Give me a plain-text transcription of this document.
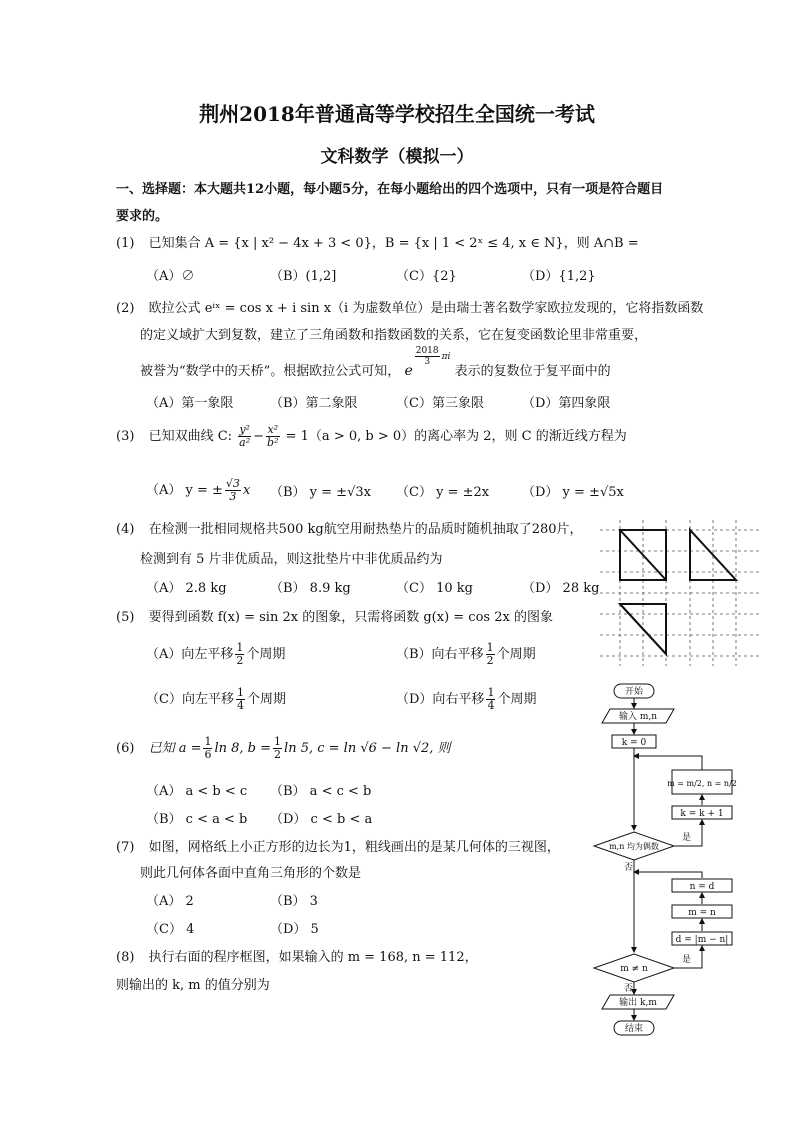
荆州2018年普通高等学校招生全国统一考试
文科数学（模拟一）
一、选择题：本大题共12小题，每小题5分，在每小题给出的四个选项中，只有一项是符合题目要求的。
(1) 已知集合 A = {x | x² − 4x + 3 < 0}，B = {x | 1 < 2ˣ ≤ 4, x ∈ N}，则 A∩B =
（A）∅	（B）(1,2]	（C）{2}	（D）{1,2}
(2) 欧拉公式 eⁱˣ = cos x + i sin x（i 为虚数单位）是由瑞士著名数学家欧拉发现的，它将指数函数
的定义域扩大到复数，建立了三角函数和指数函数的关系，它在复变函数论里非常重要，
被誉为“数学中的天桥”。根据欧拉公式可知， e
$\frac{2018}{3}$ πi 表示的复数位于复平面中的
（A）第一象限	（B）第二象限	（C）第三象限	（D）第四象限
(3) 已知双曲线 C: $\frac{\text{y²}}{\text{a²}} - \frac{\text{x²}}{\text{b²}} = 1(a > 0$, b > 0）的离心率为 2，则 C 的渐近线方程为
（A） y = ± $\frac{√3}{3}$ x （B） y = ±√3x （C） y = ±2x	（D） y = ±√5x
(4) 在检测一批相同规格共500 kg航空用耐热垫片的品质时随机抽取了280片，
检测到有 5 片非优质品，则这批垫片中非优质品约为
（A） 2.8 kg	（B） 8.9 kg	（C） 10 kg	（D） 28 kg
(5) 要得到函数 f(x) = sin 2x 的图象，只需将函数 g(x) = cos 2x 的图象
（A）向左平移 $\frac{1}{2}$ 个周期	（B）向右平移 $\frac{1}{2}$ 个周期
（C）向左平移 $\frac{1}{4}$ 个周期	（D）向右平移 $\frac{1}{4}$ 个周期
(6) 已知 $a = \frac{1}{6}$ ln 8, $b = \frac{1}{2}$ ln 5, c = ln √6 − ln √2, 则
（A） a < b < c （B） a < c < b
（B） c < a < b （D） c < b < a
(7) 如图，网格纸上小正方形的边长为1，粗线画出的是某几何体的三视图，
则此几何体各面中直角三角形的个数是
（A） 2	（B） 3
（C） 4	（D） 5
(8) 执行右面的程序框图，如果输入的 m = 168, n = 112，
则输出的 k, m 的值分别为
开始
输入 m,n
k = 0
m = m/2, n = n/2
k = k + 1
m,n 均为偶数
是
否
n = d
m = n
d = |m − n|
m ≠ n
是
否
输出 k,m
结束
